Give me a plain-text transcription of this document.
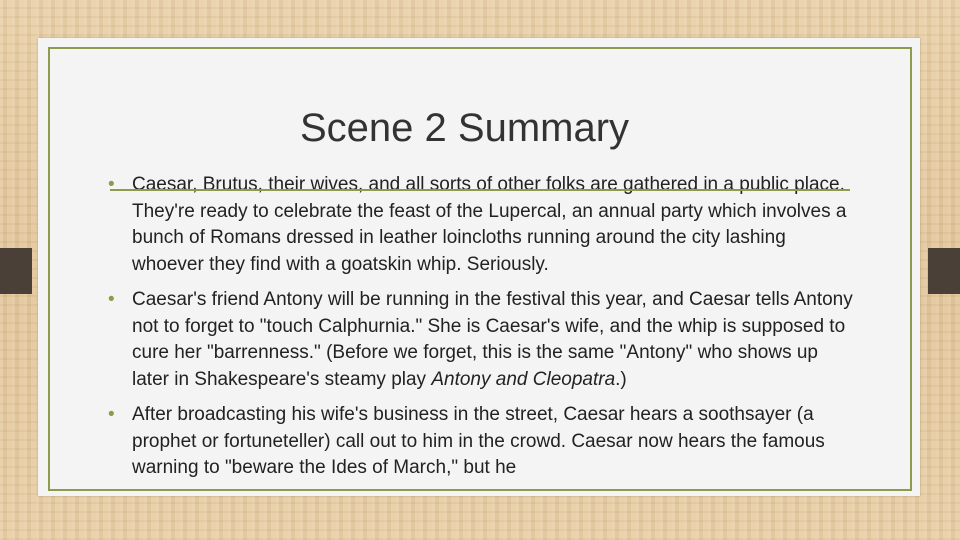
Scene 2 Summary
• Caesar, Brutus, their wives, and all sorts of other folks are gathered in a public place. They're ready to celebrate the feast of the Lupercal, an annual party which involves a bunch of Romans dressed in leather loincloths running around the city lashing whoever they find with a goatskin whip. Seriously.
• Caesar's friend Antony will be running in the festival this year, and Caesar tells Antony not to forget to "touch Calphurnia." She is Caesar's wife, and the whip is supposed to cure her "barrenness." (Before we forget, this is the same "Antony" who shows up later in Shakespeare's steamy play Antony and Cleopatra.)
• After broadcasting his wife's business in the street, Caesar hears a soothsayer (a prophet or fortuneteller) call out to him in the crowd. Caesar now hears the famous warning to "beware the Ides of March," but he
